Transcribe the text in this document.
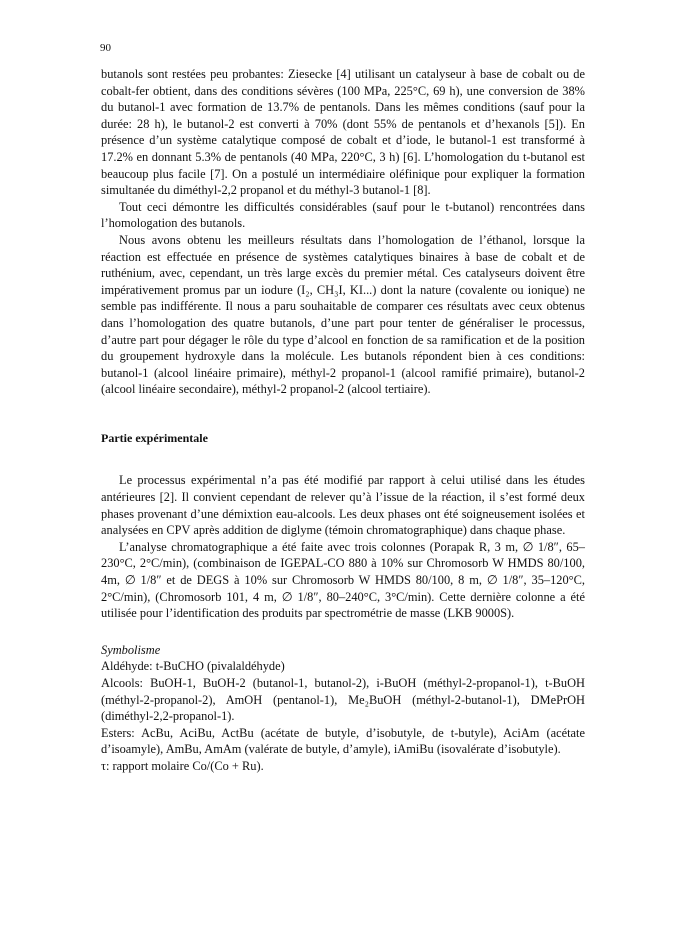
90

butanols sont restées peu probantes: Ziesecke [4] utilisant un catalyseur à base de cobalt ou de cobalt-fer obtient, dans des conditions sévères (100 MPa, 225°C, 69 h), une conversion de 38% du butanol-1 avec formation de 13.7% de pentanols. Dans les mêmes conditions (sauf pour la durée: 28 h), le butanol-2 est converti à 70% (dont 55% de pentanols et d’hexanols [5]). En présence d’un système catalytique composé de cobalt et d’iode, le butanol-1 est transformé à 17.2% en donnant 5.3% de pentanols (40 MPa, 220°C, 3 h) [6]. L’homologation du t-butanol est beaucoup plus facile [7]. On a postulé un intermédiaire oléfinique pour expliquer la formation simultanée du diméthyl-2,2 propanol et du méthyl-3 butanol-1 [8].

Tout ceci démontre les difficultés considérables (sauf pour le t-butanol) rencontrées dans l’homologation des butanols.

Nous avons obtenu les meilleurs résultats dans l’homologation de l’éthanol, lorsque la réaction est effectuée en présence de systèmes catalytiques binaires à base de cobalt et de ruthénium, avec, cependant, un très large excès du premier métal. Ces catalyseurs doivent être impérativement promus par un iodure (I₂, CH₃I, KI...) dont la nature (covalente ou ionique) ne semble pas indifférente. Il nous a paru souhaitable de comparer ces résultats avec ceux obtenus dans l’homologation des quatre butanols, d’une part pour tenter de généraliser le processus, d’autre part pour dégager le rôle du type d’alcool en fonction de sa ramification et de la position du groupement hydroxyle dans la molécule. Les butanols répondent bien à ces conditions: butanol-1 (alcool linéaire primaire), méthyl-2 propanol-1 (alcool ramifié primaire), butanol-2 (alcool linéaire secondaire), méthyl-2 propanol-2 (alcool tertiaire).

Partie expérimentale

Le processus expérimental n’a pas été modifié par rapport à celui utilisé dans les études antérieures [2]. Il convient cependant de relever qu’à l’issue de la réaction, il s’est formé deux phases provenant d’une démixtion eau-alcools. Les deux phases ont été soigneusement isolées et analysées en CPV après addition de diglyme (témoin chromatographique) dans chaque phase.

L’analyse chromatographique a été faite avec trois colonnes (Porapak R, 3 m, ∅ 1/8″, 65–230°C, 2°C/min), (combinaison de IGEPAL-CO 880 à 10% sur Chromosorb W HMDS 80/100, 4m, ∅ 1/8″ et de DEGS à 10% sur Chromosorb W HMDS 80/100, 8 m, ∅ 1/8″, 35–120°C, 2°C/min), (Chromosorb 101, 4 m, ∅ 1/8″, 80–240°C, 3°C/min). Cette dernière colonne a été utilisée pour l’identification des produits par spectrométrie de masse (LKB 9000S).

Symbolisme

Aldéhyde: t-BuCHO (pivalaldéhyde)

Alcools: BuOH-1, BuOH-2 (butanol-1, butanol-2), i-BuOH (méthyl-2-propanol-1), t-BuOH (méthyl-2-propanol-2), AmOH (pentanol-1), Me₂BuOH (méthyl-2-butanol-1), DMePrOH (diméthyl-2,2-propanol-1).

Esters: AcBu, AciBu, ActBu (acétate de butyle, d’isobutyle, de t-butyle), AciAm (acétate d’isoamyle), AmBu, AmAm (valérate de butyle, d’amyle), iAmiBu (isovalérate d’isobutyle).

τ: rapport molaire Co/(Co + Ru).
